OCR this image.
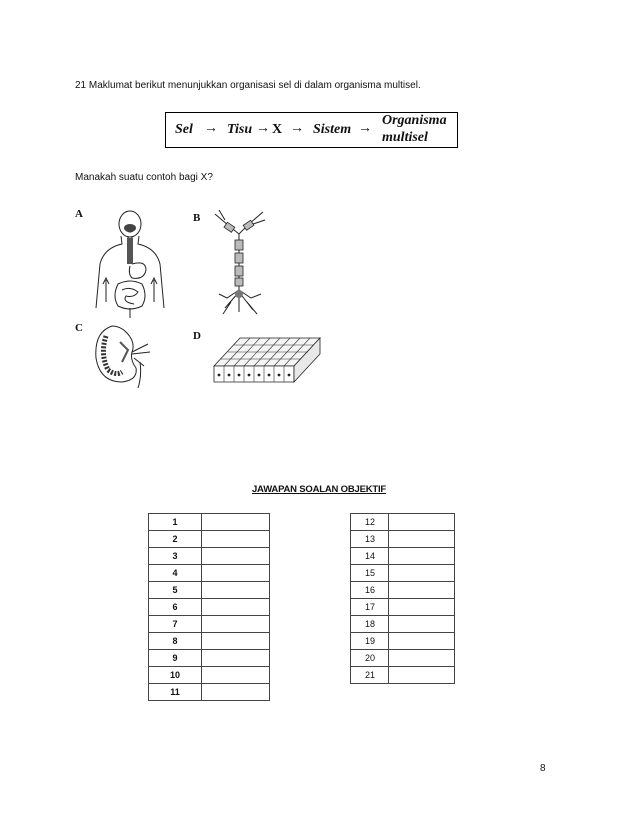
21 Maklumat berikut menunjukkan organisasi sel di dalam organisma multisel.
Sel → Tisu → X → Sistem →
Organisma
multisel
Manakah suatu contoh bagi X?
A	B
C
D
JAWAPAN SOALAN OBJEKTIF
1	
2	
3	
4	
5	
6	
7	
8	
9	
10	
11	
12	
13	
14	
15	
16	
17	
18	
19	
20	
21	
8
